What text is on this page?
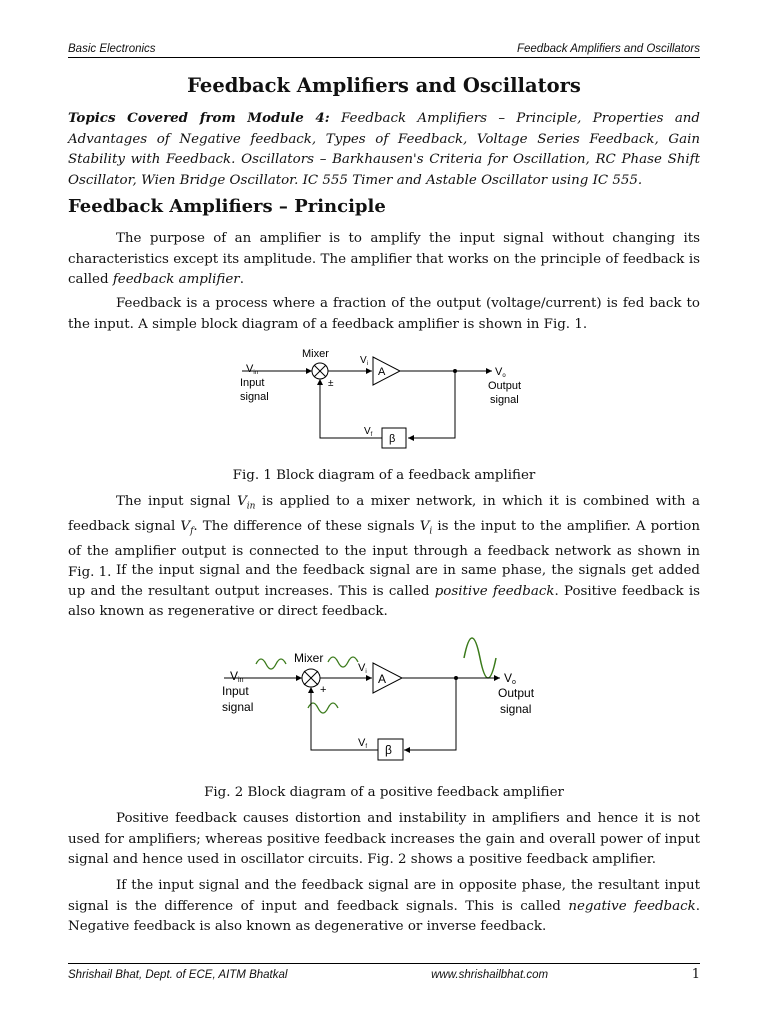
Basic Electronics	Feedback Amplifiers and Oscillators
Feedback Amplifiers and Oscillators
Topics Covered from Module 4: Feedback Amplifiers – Principle, Properties and Advantages of Negative feedback, Types of Feedback, Voltage Series Feedback, Gain Stability with Feedback. Oscillators – Barkhausen's Criteria for Oscillation, RC Phase Shift Oscillator, Wien Bridge Oscillator. IC 555 Timer and Astable Oscillator using IC 555.
Feedback Amplifiers – Principle
The purpose of an amplifier is to amplify the input signal without changing its characteristics except its amplitude. The amplifier that works on the principle of feedback is called feedback amplifier.
Feedback is a process where a fraction of the output (voltage/current) is fed back to the input. A simple block diagram of a feedback amplifier is shown in Fig. 1.
Mixer
Vin
Input
signal
±
$V_i$
A	Vo
Output
signal
β
$V_f$
Fig. 1 Block diagram of a feedback amplifier
The input signal $V_{in}$ is applied to a mixer network, in which it is combined with a feedback signal $V_f$. The difference of these signals $V_i$ is the input to the amplifier. A portion of the amplifier output is connected to the input through a feedback network as shown in Fig. 1. If the input signal and the feedback signal are in same phase, the signals get added up and the resultant output increases. This is called positive feedback. Positive feedback is also known as regenerative or direct feedback.
Mixer
Vin
Input
signal
+
Vi A	Vo
Output
signal
β
Vf
Fig. 2 Block diagram of a positive feedback amplifier
Positive feedback causes distortion and instability in amplifiers and hence it is not used for amplifiers; whereas positive feedback increases the gain and overall power of input signal and hence used in oscillator circuits. Fig. 2 shows a positive feedback amplifier.
If the input signal and the feedback signal are in opposite phase, the resultant input signal is the difference of input and feedback signals. This is called negative feedback. Negative feedback is also known as degenerative or inverse feedback.
Shrishail Bhat, Dept. of ECE, AITM Bhatkal	www.shrishailbhat.com	1
